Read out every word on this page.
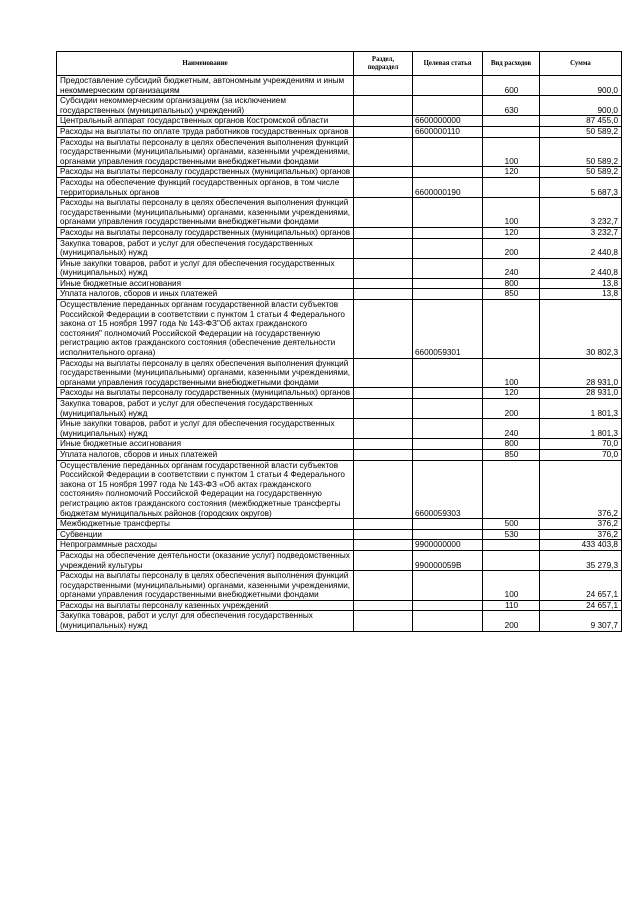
Наименование	Раздел, подраздел	Целевая статья	Вид расходов	Сумма
Предоставление субсидий бюджетным, автономным учреждениям и иным некоммерческим организациям			600	900,0
Субсидии некоммерческим организациям (за исключением государственных (муниципальных) учреждений)			630	900,0
Центральный аппарат государственных органов Костромской области		6600000000		87 455,0
Расходы на выплаты по оплате труда работников государственных органов		6600000110		50 589,2
Расходы на выплаты персоналу в целях обеспечения выполнения функций государственными (муниципальными) органами, казенными учреждениями, органами управления государственными внебюджетными фондами			100	50 589,2
Расходы на выплаты персоналу государственных (муниципальных) органов			120	50 589,2
Расходы на обеспечение функций государственных органов, в том числе территориальных органов		6600000190		5 687,3
Расходы на выплаты персоналу в целях обеспечения выполнения функций государственными (муниципальными) органами, казенными учреждениями, органами управления государственными внебюджетными фондами			100	3 232,7
Расходы на выплаты персоналу государственных (муниципальных) органов			120	3 232,7
Закупка товаров, работ и услуг для обеспечения государственных (муниципальных) нужд			200	2 440,8
Иные закупки товаров, работ и услуг для обеспечения государственных (муниципальных) нужд			240	2 440,8
Иные бюджетные ассигнования			800	13,8
Уплата налогов, сборов и иных платежей			850	13,8
Осуществление переданных органам государственной власти субъектов Российской Федерации в соответствии с пунктом 1 статьи 4 Федерального закона от 15 ноября 1997 года № 143-ФЗ"Об актах гражданского состояния" полномочий Российской Федерации на государственную регистрацию актов гражданского состояния (обеспечение деятельности исполнительного органа)		6600059301		30 802,3
Расходы на выплаты персоналу в целях обеспечения выполнения функций государственными (муниципальными) органами, казенными учреждениями, органами управления государственными внебюджетными фондами			100	28 931,0
Расходы на выплаты персоналу государственных (муниципальных) органов			120	28 931,0
Закупка товаров, работ и услуг для обеспечения государственных (муниципальных) нужд			200	1 801,3
Иные закупки товаров, работ и услуг для обеспечения государственных (муниципальных) нужд			240	1 801,3
Иные бюджетные ассигнования			800	70,0
Уплата налогов, сборов и иных платежей			850	70,0
Осуществление переданных органам государственной власти субъектов Российской Федерации в соответствии с пунктом 1 статьи 4 Федерального закона от 15 ноября 1997 года № 143-ФЗ «Об актах гражданского состояния» полномочий Российской Федерации на государственную регистрацию актов гражданского состояния (межбюджетные трансферты бюджетам муниципальных районов (городских округов)		6600059303		376,2
Межбюджетные трансферты			500	376,2
Субвенции			530	376,2
Непрограммные расходы		9900000000		433 403,8
Расходы на обеспечение деятельности (оказание услуг) подведомственных учреждений культуры		990000059В		35 279,3
Расходы на выплаты персоналу в целях обеспечения выполнения функций государственными (муниципальными) органами, казенными учреждениями, органами управления государственными внебюджетными фондами			100	24 657,1
Расходы на выплаты персоналу казенных учреждений			110	24 657,1
Закупка товаров, работ и услуг для обеспечения государственных (муниципальных) нужд			200	9 307,7
